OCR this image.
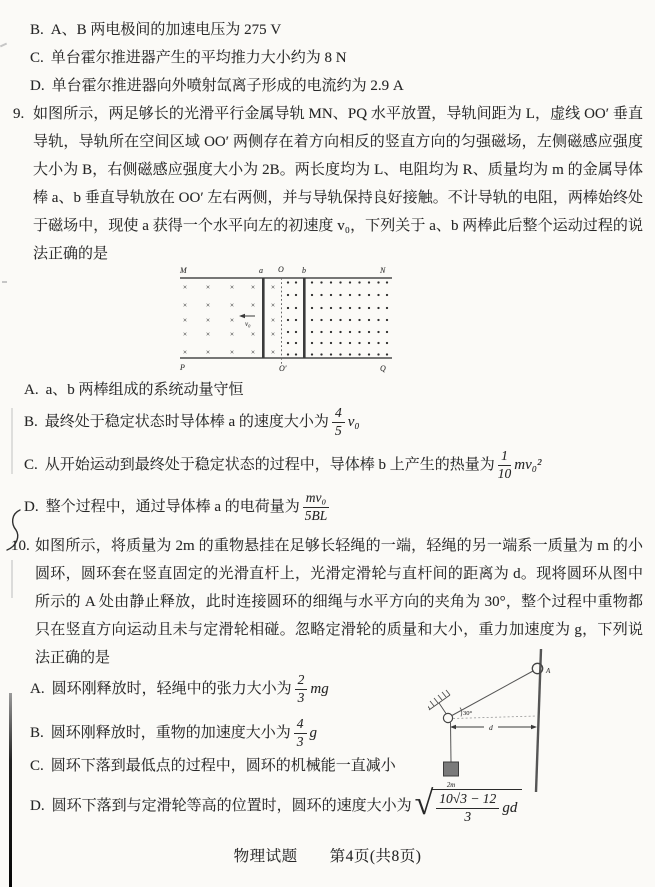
B. A、B 两电极间的加速电压为 275 V
C. 单台霍尔推进器产生的平均推力大小约为 8 N
D. 单台霍尔推进器向外喷射氙离子形成的电流约为 2.9 A
9. 如图所示，两足够长的光滑平行金属导轨 MN、PQ 水平放置，导轨间距为 L，虚线 OO′ 垂直导轨，导轨所在空间区域 OO′ 两侧存在着方向相反的竖直方向的匀强磁场，左侧磁感应强度大小为 B，右侧磁感应强度大小为 2B。两长度均为 L、电阻均为 R、质量均为 m 的金属导体棒 a、b 垂直导轨放在 OO′ 左右两侧，并与导轨保持良好接触。不计导轨的电阻，两棒始终处于磁场中，现使 a 获得一个水平向左的初速度 v₀，下列关于 a、b 两棒此后整个运动过程的说法正确的是
×	×	× × ×
×	×	× × ×
×	×	×	×
×	×	× × ×
×	×	× × ×
M	a O b	N
P	O′	Q
v₀
A. a、b 两棒组成的系统动量守恒
B. 最终处于稳定状态时导体棒 a 的速度大小为 $\frac{4}{5} v_0$
C. 从开始运动到最终处于稳定状态的过程中，导体棒 b 上产生的热量为 $\frac{1}{10} mv_0^2$
D. 整个过程中，通过导体棒 a 的电荷量为 $\frac{\text{mv₀}}{5BL}$
10. 如图所示，将质量为 2m 的重物悬挂在足够长轻绳的一端，轻绳的另一端系一质量为 m 的小圆环，圆环套在竖直固定的光滑直杆上，光滑定滑轮与直杆间的距离为 d。现将圆环从图中所示的 A 处由静止释放，此时连接圆环的细绳与水平方向的夹角为 30°，整个过程中重物都只在竖直方向运动且未与定滑轮相碰。忽略定滑轮的质量和大小，重力加速度为 g，下列说法正确的是
A
30°
d
2m
A. 圆环刚释放时，轻绳中的张力大小为 $\frac{2}{3}$ mg
B. 圆环刚释放时，重物的加速度大小为 $\frac{4}{3}$ g
C. 圆环下落到最低点的过程中，圆环的机械能一直减小
D. 圆环下落到与定滑轮等高的位置时，圆环的速度大小为 √ $\frac{10√3 - 12}{3}$ gd
物理试题　　第4页(共8页)
